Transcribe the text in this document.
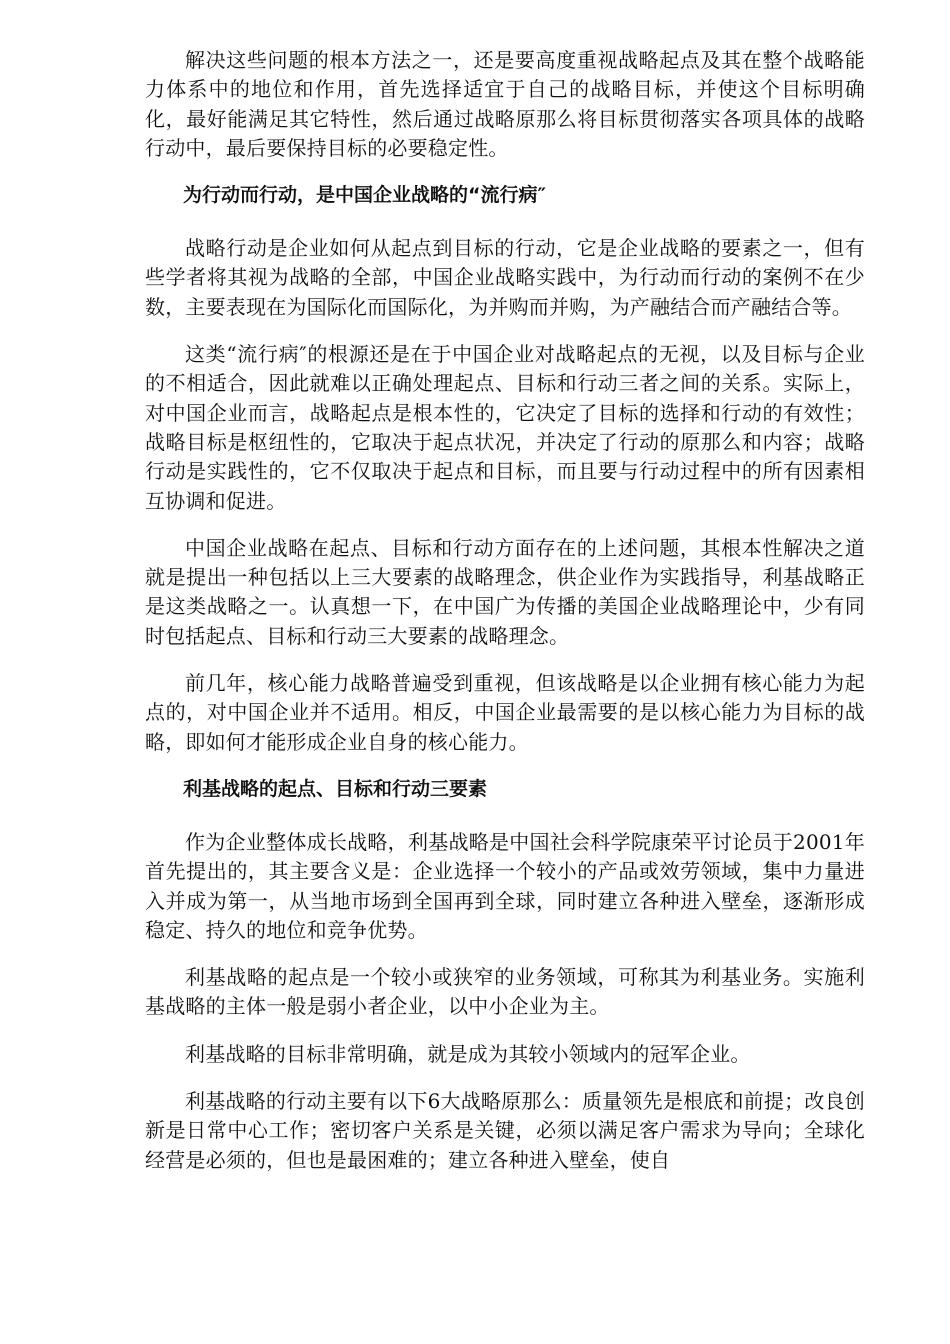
解决这些问题的根本方法之一，还是要高度重视战略起点及其在整个战略能力体系中的地位和作用，首先选择适宜于自己的战略目标，并使这个目标明确化，最好能满足其它特性，然后通过战略原那么将目标贯彻落实各项具体的战略行动中，最后要保持目标的必要稳定性。

为行动而行动，是中国企业战略的“流行病″

战略行动是企业如何从起点到目标的行动，它是企业战略的要素之一，但有些学者将其视为战略的全部，中国企业战略实践中，为行动而行动的案例不在少数，主要表现在为国际化而国际化，为并购而并购，为产融结合而产融结合等。

这类“流行病″的根源还是在于中国企业对战略起点的无视，以及目标与企业的不相适合，因此就难以正确处理起点、目标和行动三者之间的关系。实际上，对中国企业而言，战略起点是根本性的，它决定了目标的选择和行动的有效性；战略目标是枢纽性的，它取决于起点状况，并决定了行动的原那么和内容；战略行动是实践性的，它不仅取决于起点和目标，而且要与行动过程中的所有因素相互协调和促进。

中国企业战略在起点、目标和行动方面存在的上述问题，其根本性解决之道就是提出一种包括以上三大要素的战略理念，供企业作为实践指导，利基战略正是这类战略之一。认真想一下，在中国广为传播的美国企业战略理论中，少有同时包括起点、目标和行动三大要素的战略理念。

前几年，核心能力战略普遍受到重视，但该战略是以企业拥有核心能力为起点的，对中国企业并不适用。相反，中国企业最需要的是以核心能力为目标的战略，即如何才能形成企业自身的核心能力。

利基战略的起点、目标和行动三要素

作为企业整体成长战略，利基战略是中国社会科学院康荣平讨论员于2001年首先提出的，其主要含义是：企业选择一个较小的产品或效劳领域，集中力量进入并成为第一，从当地市场到全国再到全球，同时建立各种进入壁垒，逐渐形成稳定、持久的地位和竞争优势。

利基战略的起点是一个较小或狭窄的业务领域，可称其为利基业务。实施利基战略的主体一般是弱小者企业，以中小企业为主。

利基战略的目标非常明确，就是成为其较小领域内的冠军企业。

利基战略的行动主要有以下6大战略原那么：质量领先是根底和前提；改良创新是日常中心工作；密切客户关系是关键，必须以满足客户需求为导向；全球化经营是必须的，但也是最困难的；建立各种进入壁垒，使自
